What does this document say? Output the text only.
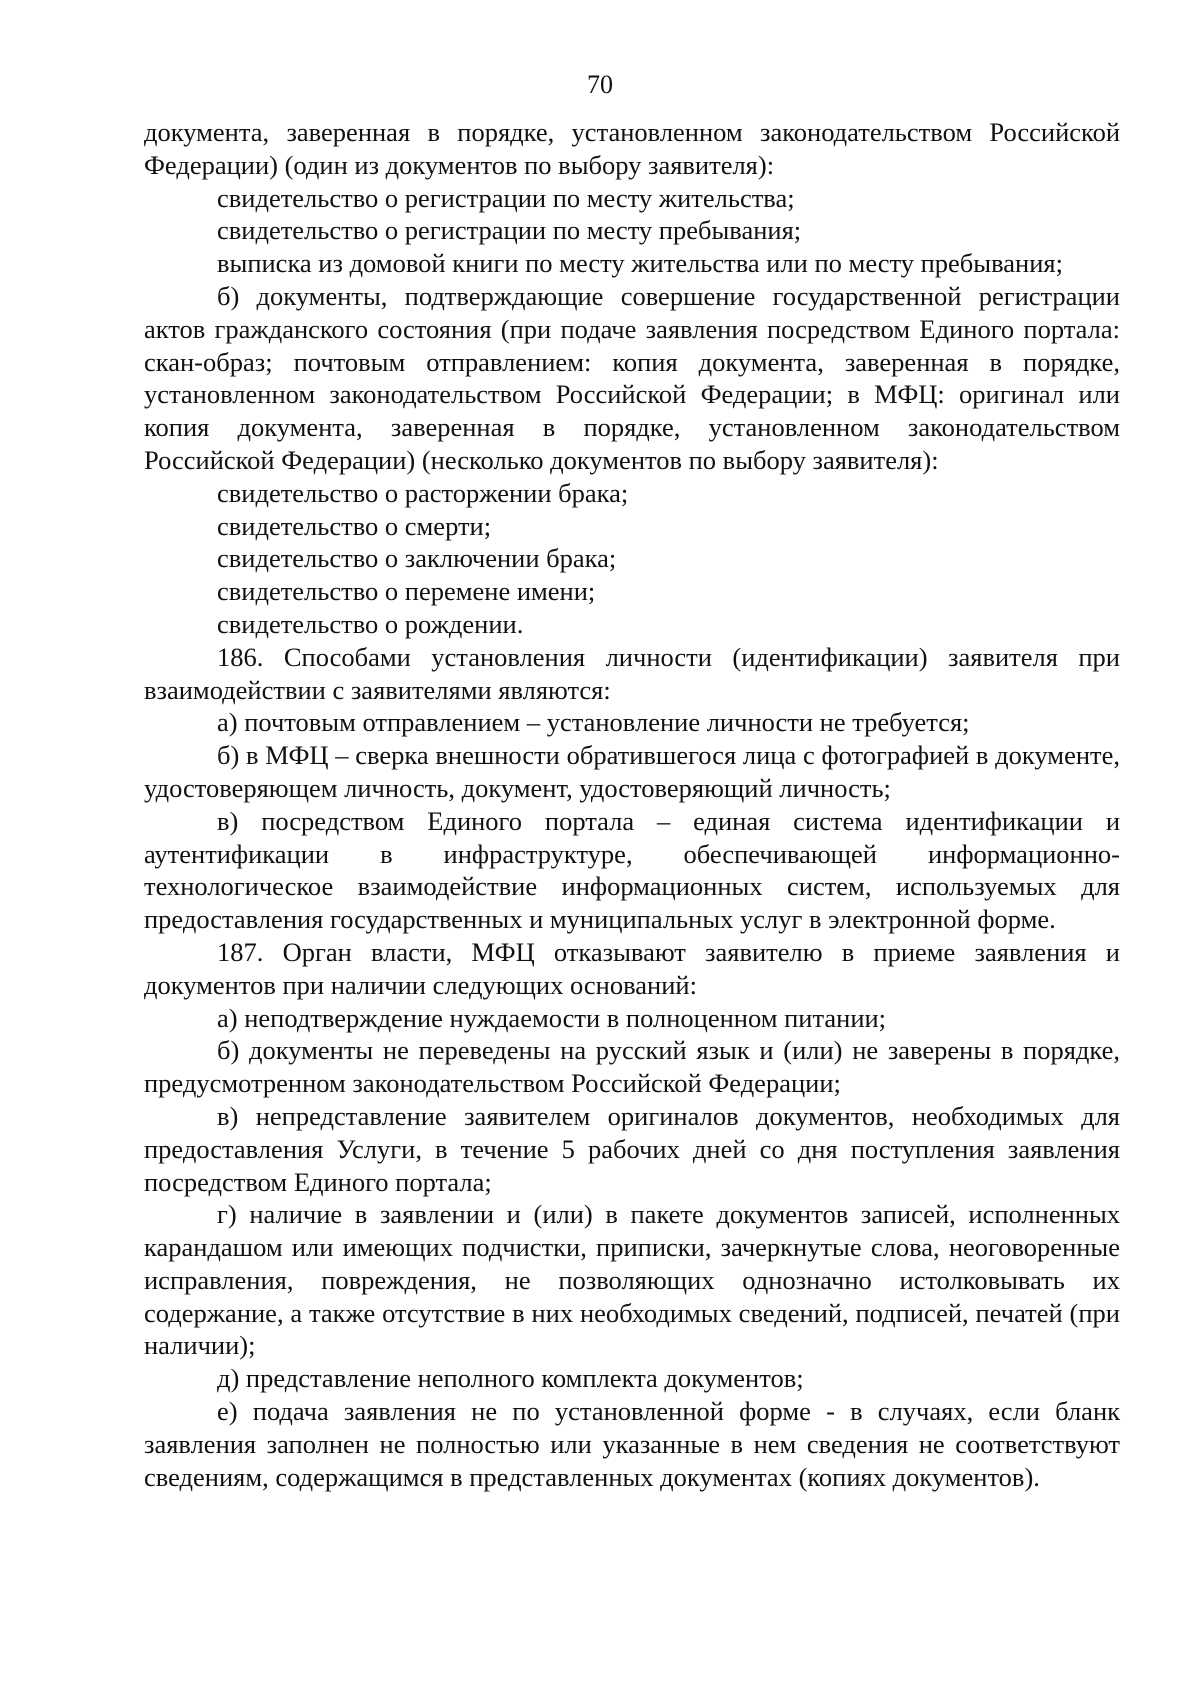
70

документа, заверенная в порядке, установленном законодательством Российской Федерации) (один из документов по выбору заявителя):

свидетельство о регистрации по месту жительства;

свидетельство о регистрации по месту пребывания;

выписка из домовой книги по месту жительства или по месту пребывания;

б) документы, подтверждающие совершение государственной регистрации актов гражданского состояния (при подаче заявления посредством Единого портала: скан-образ; почтовым отправлением: копия документа, заверенная в порядке, установленном законодательством Российской Федерации; в МФЦ: оригинал или копия документа, заверенная в порядке, установленном законодательством Российской Федерации) (несколько документов по выбору заявителя):

свидетельство о расторжении брака;

свидетельство о смерти;

свидетельство о заключении брака;

свидетельство о перемене имени;

свидетельство о рождении.

186. Способами установления личности (идентификации) заявителя при взаимодействии с заявителями являются:

а) почтовым отправлением – установление личности не требуется;

б) в МФЦ – сверка внешности обратившегося лица с фотографией в документе, удостоверяющем личность, документ, удостоверяющий личность;

в) посредством Единого портала – единая система идентификации и аутентификации в инфраструктуре, обеспечивающей информационно-технологическое взаимодействие информационных систем, используемых для предоставления государственных и муниципальных услуг в электронной форме.

187. Орган власти, МФЦ отказывают заявителю в приеме заявления и документов при наличии следующих оснований:

а) неподтверждение нуждаемости в полноценном питании;

б) документы не переведены на русский язык и (или) не заверены в порядке, предусмотренном законодательством Российской Федерации;

в) непредставление заявителем оригиналов документов, необходимых для предоставления Услуги, в течение 5 рабочих дней со дня поступления заявления посредством Единого портала;

г) наличие в заявлении и (или) в пакете документов записей, исполненных карандашом или имеющих подчистки, приписки, зачеркнутые слова, неоговоренные исправления, повреждения, не позволяющих однозначно истолковывать их содержание, а также отсутствие в них необходимых сведений, подписей, печатей (при наличии);

д) представление неполного комплекта документов;

е) подача заявления не по установленной форме - в случаях, если бланк заявления заполнен не полностью или указанные в нем сведения не соответствуют сведениям, содержащимся в представленных документах (копиях документов).
